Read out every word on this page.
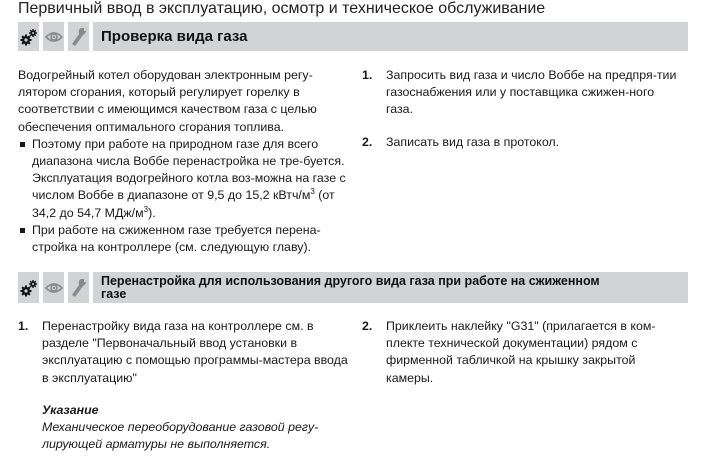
Первичный ввод в эксплуатацию, осмотр и техническое обслуживание
Проверка вида газа

Водогрейный котел оборудован электронным регу-лятором сгорания, который регулирует горелку в соответствии с имеющимся качеством газа с целью обеспечения оптимального сгорания топлива.

Поэтому при работе на природном газе для всего диапазона числа Воббе перенастройка не тре-буется. Эксплуатация водогрейного котла воз-можна на газе с числом Воббе в диапазоне от 9,5 до 15,2 кВтч/$м^3$ (от 34,2 до 54,7 МДж/$м^3$).

При работе на сжиженном газе требуется перена-стройка на контроллере (см. следующую главу).

1. Запросить вид газа и число Воббе на предпря-тии газоснабжения или у поставщика сжижен-ного газа.

2. Записать вид газа в протокол.

Перенастройка для использования другого вида газа при работе на сжиженном
газе

1. Перенастройку вида газа на контроллере см. в разделе "Первоначальный ввод установки в эксплуатацию с помощью программы-мастера ввода в эксплуатацию"

Указание

Механическое переоборудование газовой регу-лирующей арматуры не выполняется.

2. Приклеить наклейку "G31" (прилагается в ком-плекте технической документации) рядом с фирменной табличкой на крышку закрытой камеры.
